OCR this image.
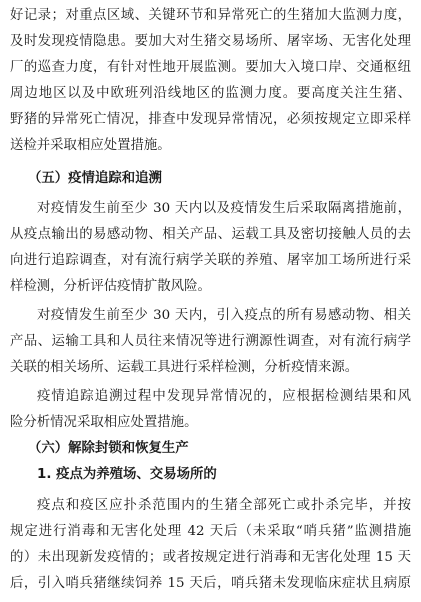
好记录；对重点区域、关键环节和异常死亡的生猪加大监测力度，
及时发现疫情隐患。要加大对生猪交易场所、屠宰场、无害化处理
厂的巡查力度，有针对性地开展监测。要加大入境口岸、交通枢纽
周边地区以及中欧班列沿线地区的监测力度。要高度关注生猪、
野猪的异常死亡情况，排查中发现异常情况，必须按规定立即采样
送检并采取相应处置措施。
（五）疫情追踪和追溯
对疫情发生前至少 30 天内以及疫情发生后采取隔离措施前，
从疫点输出的易感动物、相关产品、运载工具及密切接触人员的去
向进行追踪调查，对有流行病学关联的养殖、屠宰加工场所进行采
样检测，分析评估疫情扩散风险。
对疫情发生前至少 30 天内，引入疫点的所有易感动物、相关
产品、运输工具和人员往来情况等进行溯源性调查，对有流行病学
关联的相关场所、运载工具进行采样检测，分析疫情来源。
疫情追踪追溯过程中发现异常情况的，应根据检测结果和风
险分析情况采取相应处置措施。
（六）解除封锁和恢复生产
1. 疫点为养殖场、交易场所的
疫点和疫区应扑杀范围内的生猪全部死亡或扑杀完毕，并按
规定进行消毒和无害化处理 42 天后（未采取“哨兵猪”监测措施
的）未出现新发疫情的；或者按规定进行消毒和无害化处理 15 天
后，引入哨兵猪继续饲养 15 天后，哨兵猪未发现临床症状且病原
